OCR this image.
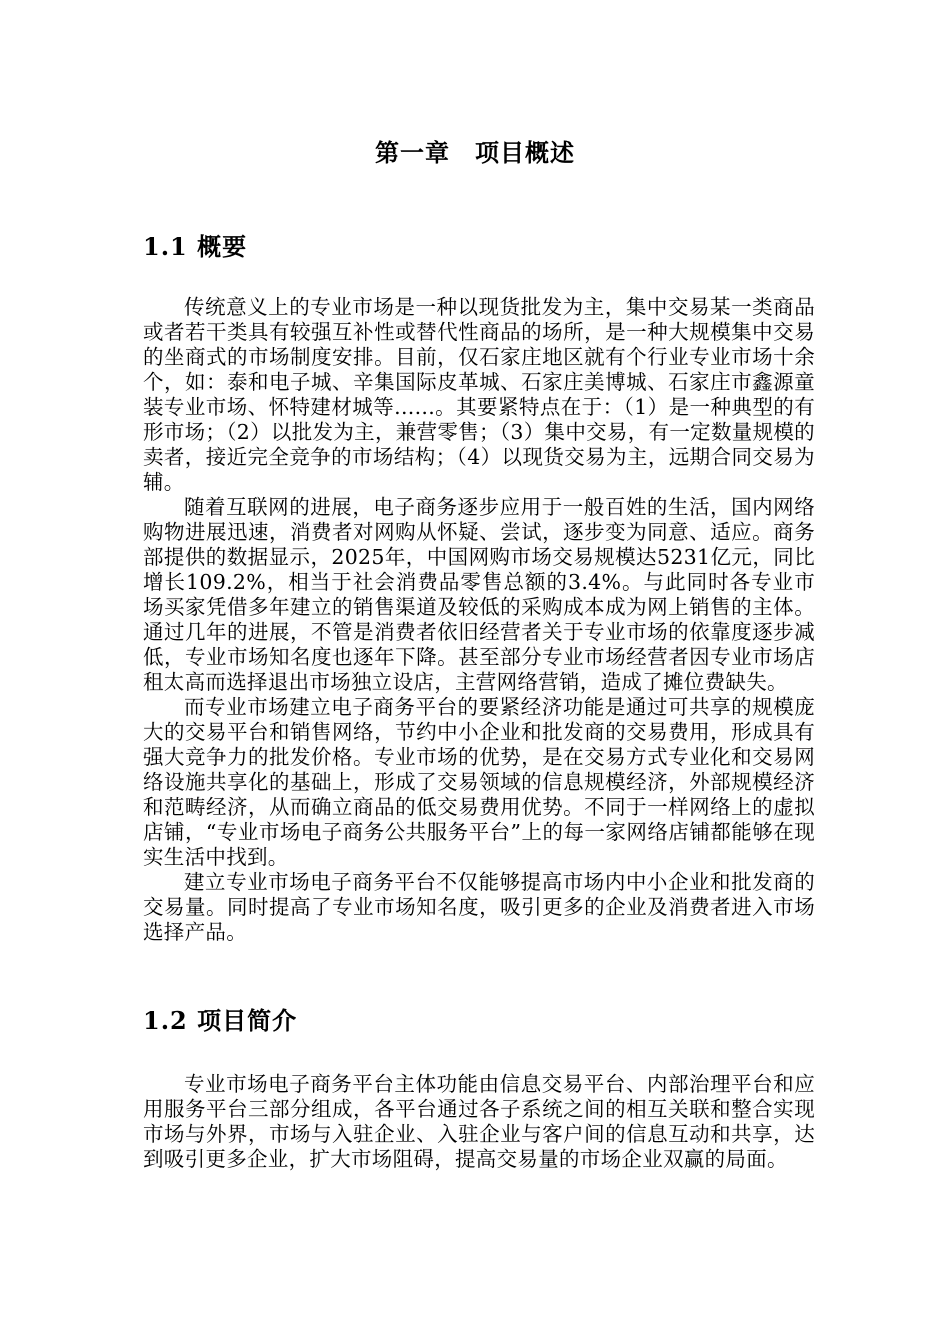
第一章　项目概述
1.1 概要

传统意义上的专业市场是一种以现货批发为主，集中交易某一类商品或者若干类具有较强互补性或替代性商品的场所，是一种大规模集中交易的坐商式的市场制度安排。目前，仅石家庄地区就有个行业专业市场十余个，如：泰和电子城、辛集国际皮革城、石家庄美博城、石家庄市鑫源童装专业市场、怀特建材城等......。其要紧特点在于：（1）是一种典型的有形市场；（2）以批发为主，兼营零售；（3）集中交易，有一定数量规模的卖者，接近完全竞争的市场结构；（4）以现货交易为主，远期合同交易为辅。

随着互联网的进展，电子商务逐步应用于一般百姓的生活，国内网络购物进展迅速，消费者对网购从怀疑、尝试，逐步变为同意、适应。商务部提供的数据显示，2025年，中国网购市场交易规模达5231亿元，同比增长109.2%，相当于社会消费品零售总额的3.4%。与此同时各专业市场买家凭借多年建立的销售渠道及较低的采购成本成为网上销售的主体。通过几年的进展，不管是消费者依旧经营者关于专业市场的依靠度逐步减低，专业市场知名度也逐年下降。甚至部分专业市场经营者因专业市场店租太高而选择退出市场独立设店，主营网络营销，造成了摊位费缺失。

而专业市场建立电子商务平台的要紧经济功能是通过可共享的规模庞大的交易平台和销售网络，节约中小企业和批发商的交易费用，形成具有强大竞争力的批发价格。专业市场的优势，是在交易方式专业化和交易网络设施共享化的基础上，形成了交易领域的信息规模经济，外部规模经济和范畴经济，从而确立商品的低交易费用优势。不同于一样网络上的虚拟店铺，“专业市场电子商务公共服务平台”上的每一家网络店铺都能够在现实生活中找到。

建立专业市场电子商务平台不仅能够提高市场内中小企业和批发商的交易量。同时提高了专业市场知名度，吸引更多的企业及消费者进入市场选择产品。

1.2 项目简介

专业市场电子商务平台主体功能由信息交易平台、内部治理平台和应用服务平台三部分组成，各平台通过各子系统之间的相互关联和整合实现市场与外界，市场与入驻企业、入驻企业与客户间的信息互动和共享，达到吸引更多企业，扩大市场阻碍，提高交易量的市场企业双赢的局面。
